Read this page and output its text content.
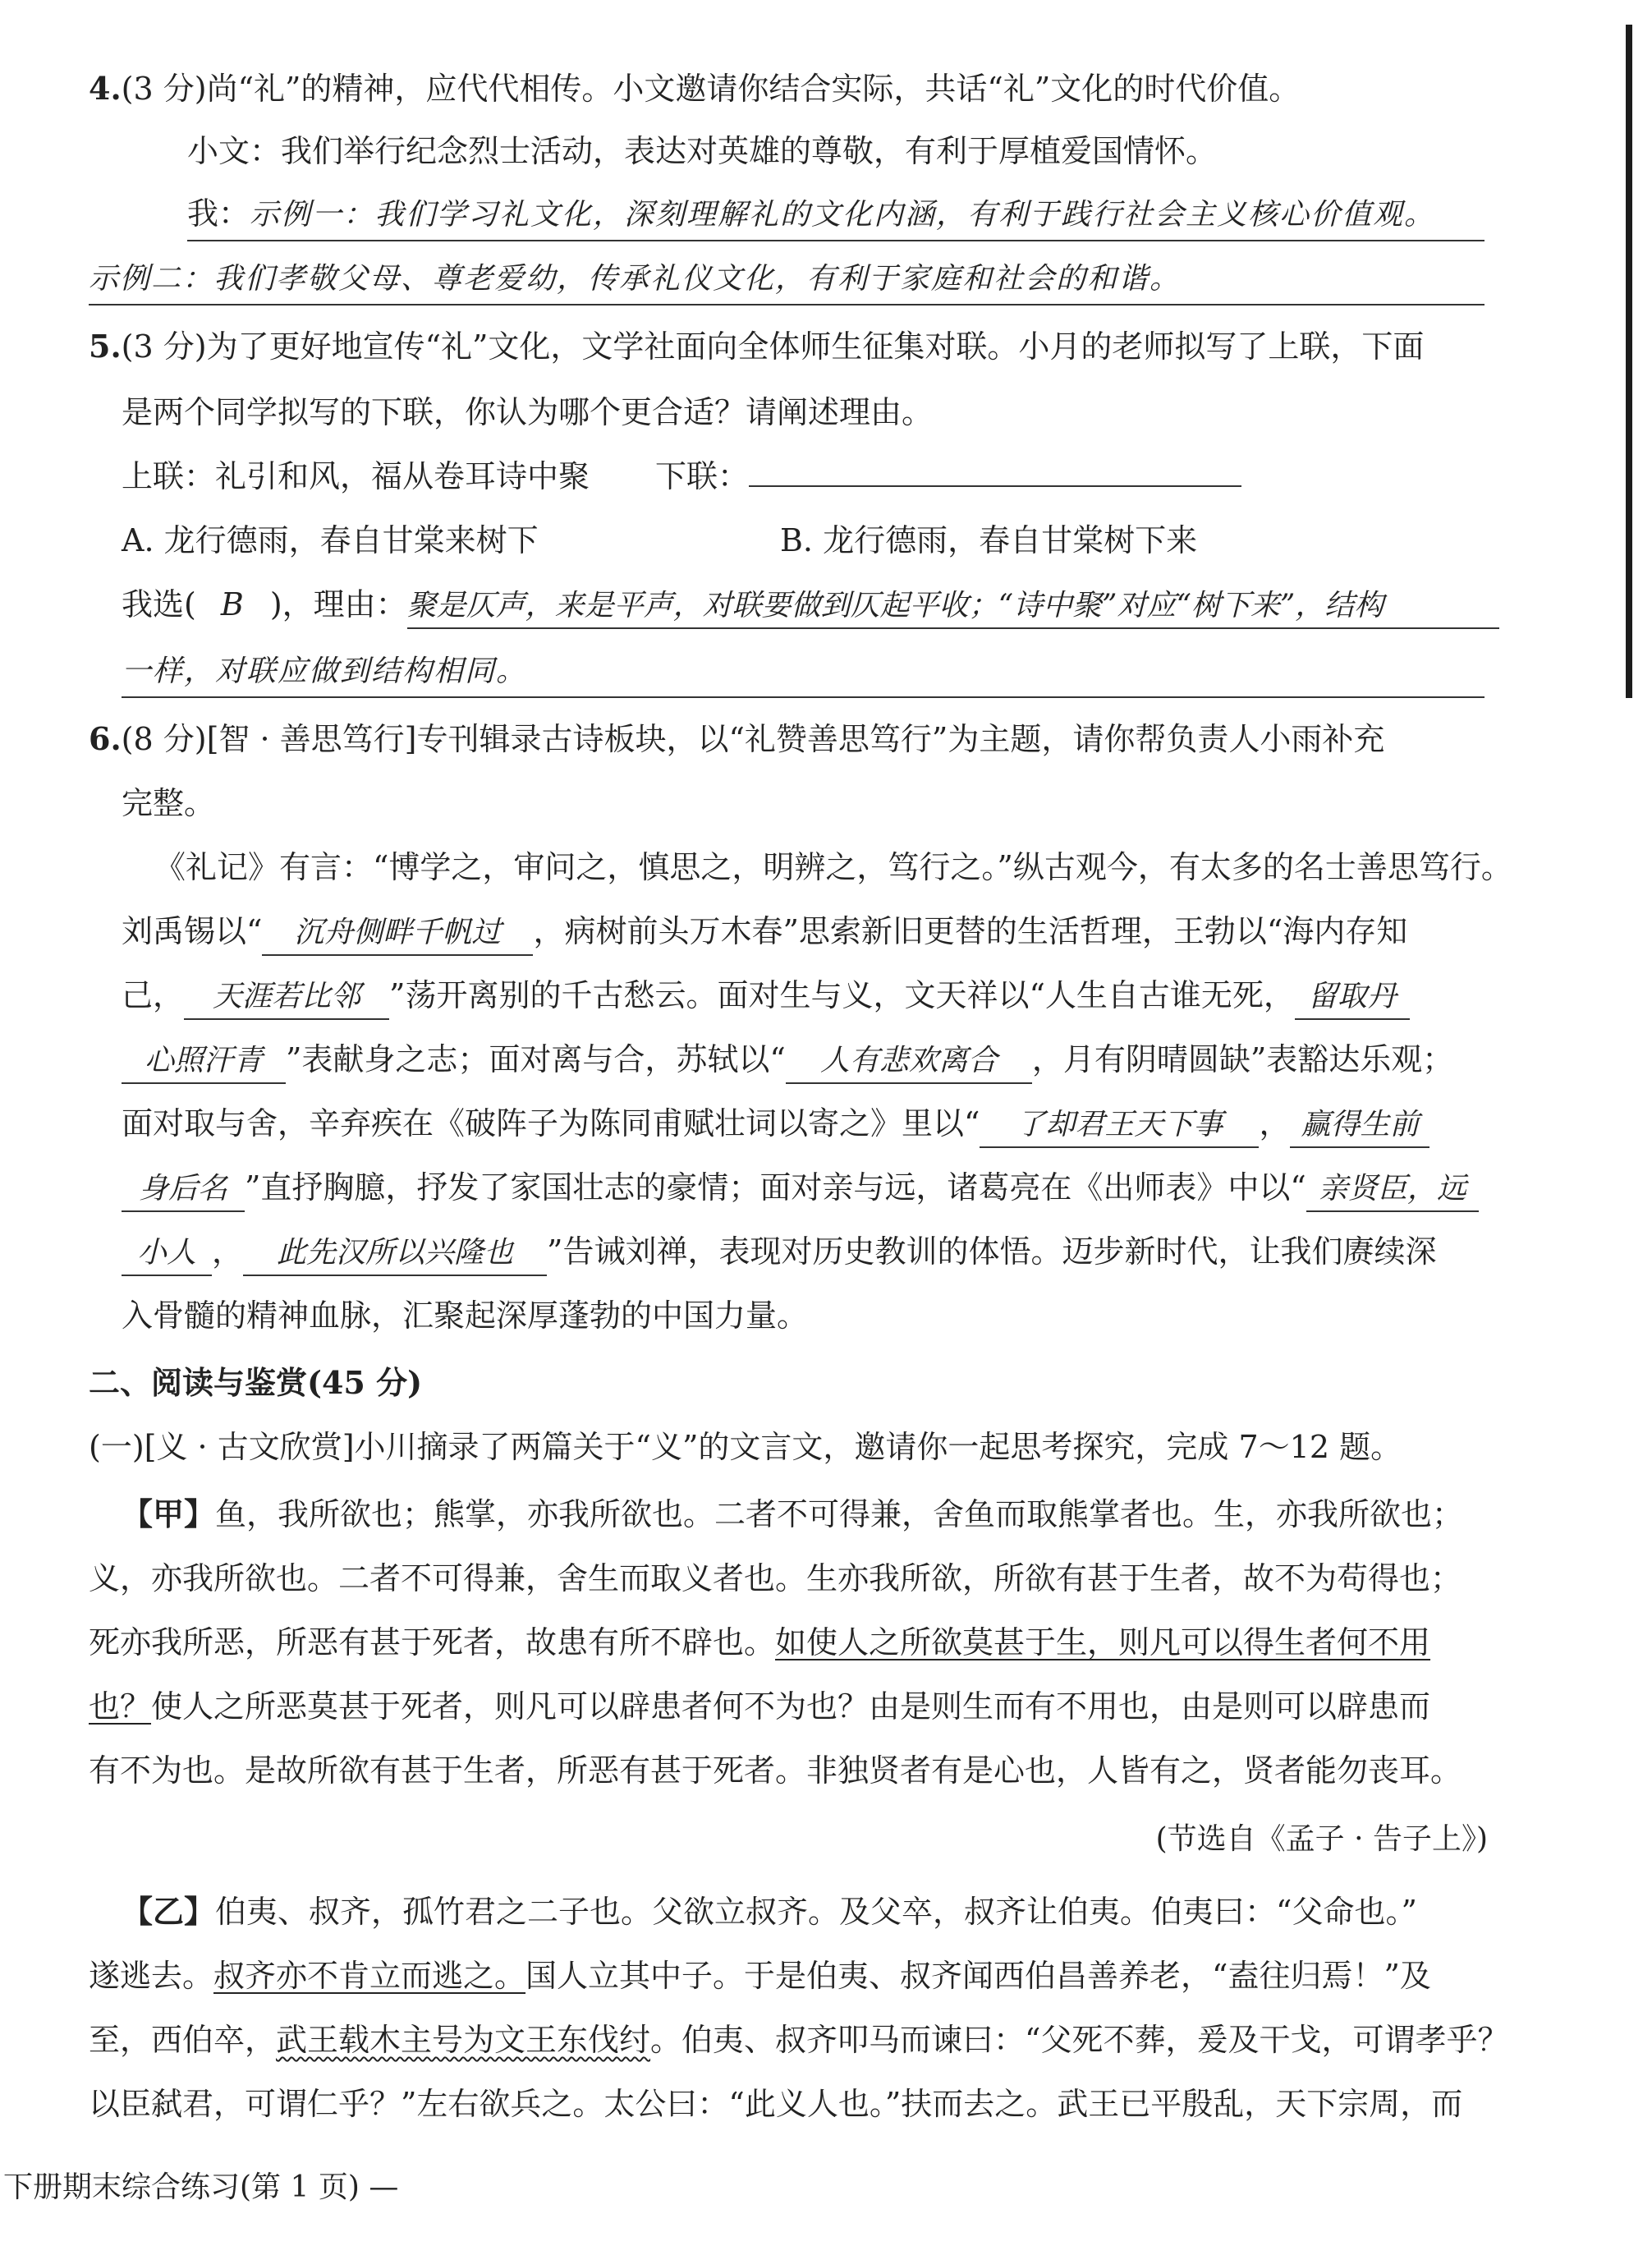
4.(3 分)尚“礼”的精神，应代代相传。小文邀请你结合实际，共话“礼”文化的时代价值。
小文：我们举行纪念烈士活动，表达对英雄的尊敬，有利于厚植爱国情怀。
我：示例一：我们学习礼文化，深刻理解礼的文化内涵，有利于践行社会主义核心价值观。
示例二：我们孝敬父母、尊老爱幼，传承礼仪文化，有利于家庭和社会的和谐。
5.(3 分)为了更好地宣传“礼”文化，文学社面向全体师生征集对联。小月的老师拟写了上联，下面
是两个同学拟写的下联，你认为哪个更合适？请阐述理由。
上联：礼引和风，福从卷耳诗中聚 下联：
A. 龙行德雨，春自甘棠来树下	B. 龙行德雨，春自甘棠树下来
我选( B )，理由：聚是仄声，来是平声，对联要做到仄起平收；“诗中聚”对应“树下来”，结构
一样，对联应做到结构相同。
6.(8 分)[智 · 善思笃行]专刊辑录古诗板块，以“礼赞善思笃行”为主题，请你帮负责人小雨补充
完整。
《礼记》有言：“博学之，审问之，慎思之，明辨之，笃行之。”纵古观今，有太多的名士善思笃行。
刘禹锡以“ 沉舟侧畔千帆过 ，病树前头万木春”思索新旧更替的生活哲理，王勃以“海内存知
己， 天涯若比邻 ”荡开离别的千古愁云。面对生与义，文天祥以“人生自古谁无死， 留取丹
心照汗青 ”表献身之志；面对离与合，苏轼以“ 人有悲欢离合 ，月有阴晴圆缺”表豁达乐观；
面对取与舍，辛弃疾在《破阵子为陈同甫赋壮词以寄之》里以“ 了却君王天下事 ， 赢得生前
身后名 ”直抒胸臆，抒发了家国壮志的豪情；面对亲与远，诸葛亮在《出师表》中以“ 亲贤臣，远
小人 ， 此先汉所以兴隆也 ”告诫刘禅，表现对历史教训的体悟。迈步新时代，让我们赓续深
入骨髓的精神血脉，汇聚起深厚蓬勃的中国力量。
二、阅读与鉴赏(45 分)
(一)[义 · 古文欣赏]小川摘录了两篇关于“义”的文言文，邀请你一起思考探究，完成 7～12 题。
【甲】鱼，我所欲也；熊掌，亦我所欲也。二者不可得兼，舍鱼而取熊掌者也。生，亦我所欲也；
义，亦我所欲也。二者不可得兼，舍生而取义者也。生亦我所欲，所欲有甚于生者，故不为苟得也；
死亦我所恶，所恶有甚于死者，故患有所不辟也。如使人之所欲莫甚于生，则凡可以得生者何不用
也？使人之所恶莫甚于死者，则凡可以辟患者何不为也？由是则生而有不用也，由是则可以辟患而
有不为也。是故所欲有甚于生者，所恶有甚于死者。非独贤者有是心也，人皆有之，贤者能勿丧耳。
(节选自《孟子 · 告子上》)
【乙】伯夷、叔齐，孤竹君之二子也。父欲立叔齐。及父卒，叔齐让伯夷。伯夷曰：“父命也。”
遂逃去。叔齐亦不肯立而逃之。国人立其中子。于是伯夷、叔齐闻西伯昌善养老，“盍往归焉！”及
至，西伯卒，武王载木主号为文王东伐纣。伯夷、叔齐叩马而谏曰：“父死不葬，爰及干戈，可谓孝乎？
以臣弑君，可谓仁乎？”左右欲兵之。太公曰：“此义人也。”扶而去之。武王已平殷乱，天下宗周，而
下册期末综合练习(第 1 页) —
